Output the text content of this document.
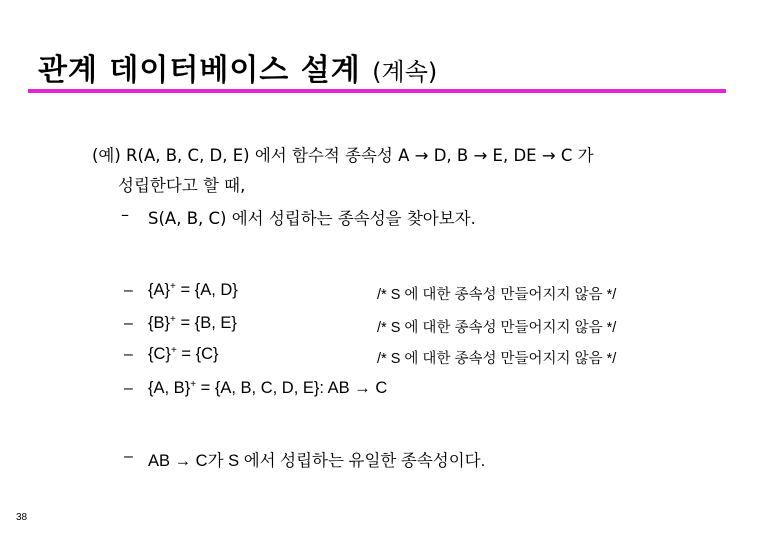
관계 데이터베이스 설계 (계속)
(예) R(A, B, C, D, E) 에서 함수적 종속성 A → D, B → E, DE → C 가
성립한다고 할 때,
– S(A, B, C) 에서 성립하는 종속성을 찾아보자.
– {A}+ = {A, D}	/* S 에 대한 종속성 만들어지지 않음 */
– {B}+ = {B, E}	/* S 에 대한 종속성 만들어지지 않음 */
– {C}+ = {C}	/* S 에 대한 종속성 만들어지지 않음 */
– {A, B}+ = {A, B, C, D, E}: AB → C
– AB → C가 S 에서 성립하는 유일한 종속성이다.
38
